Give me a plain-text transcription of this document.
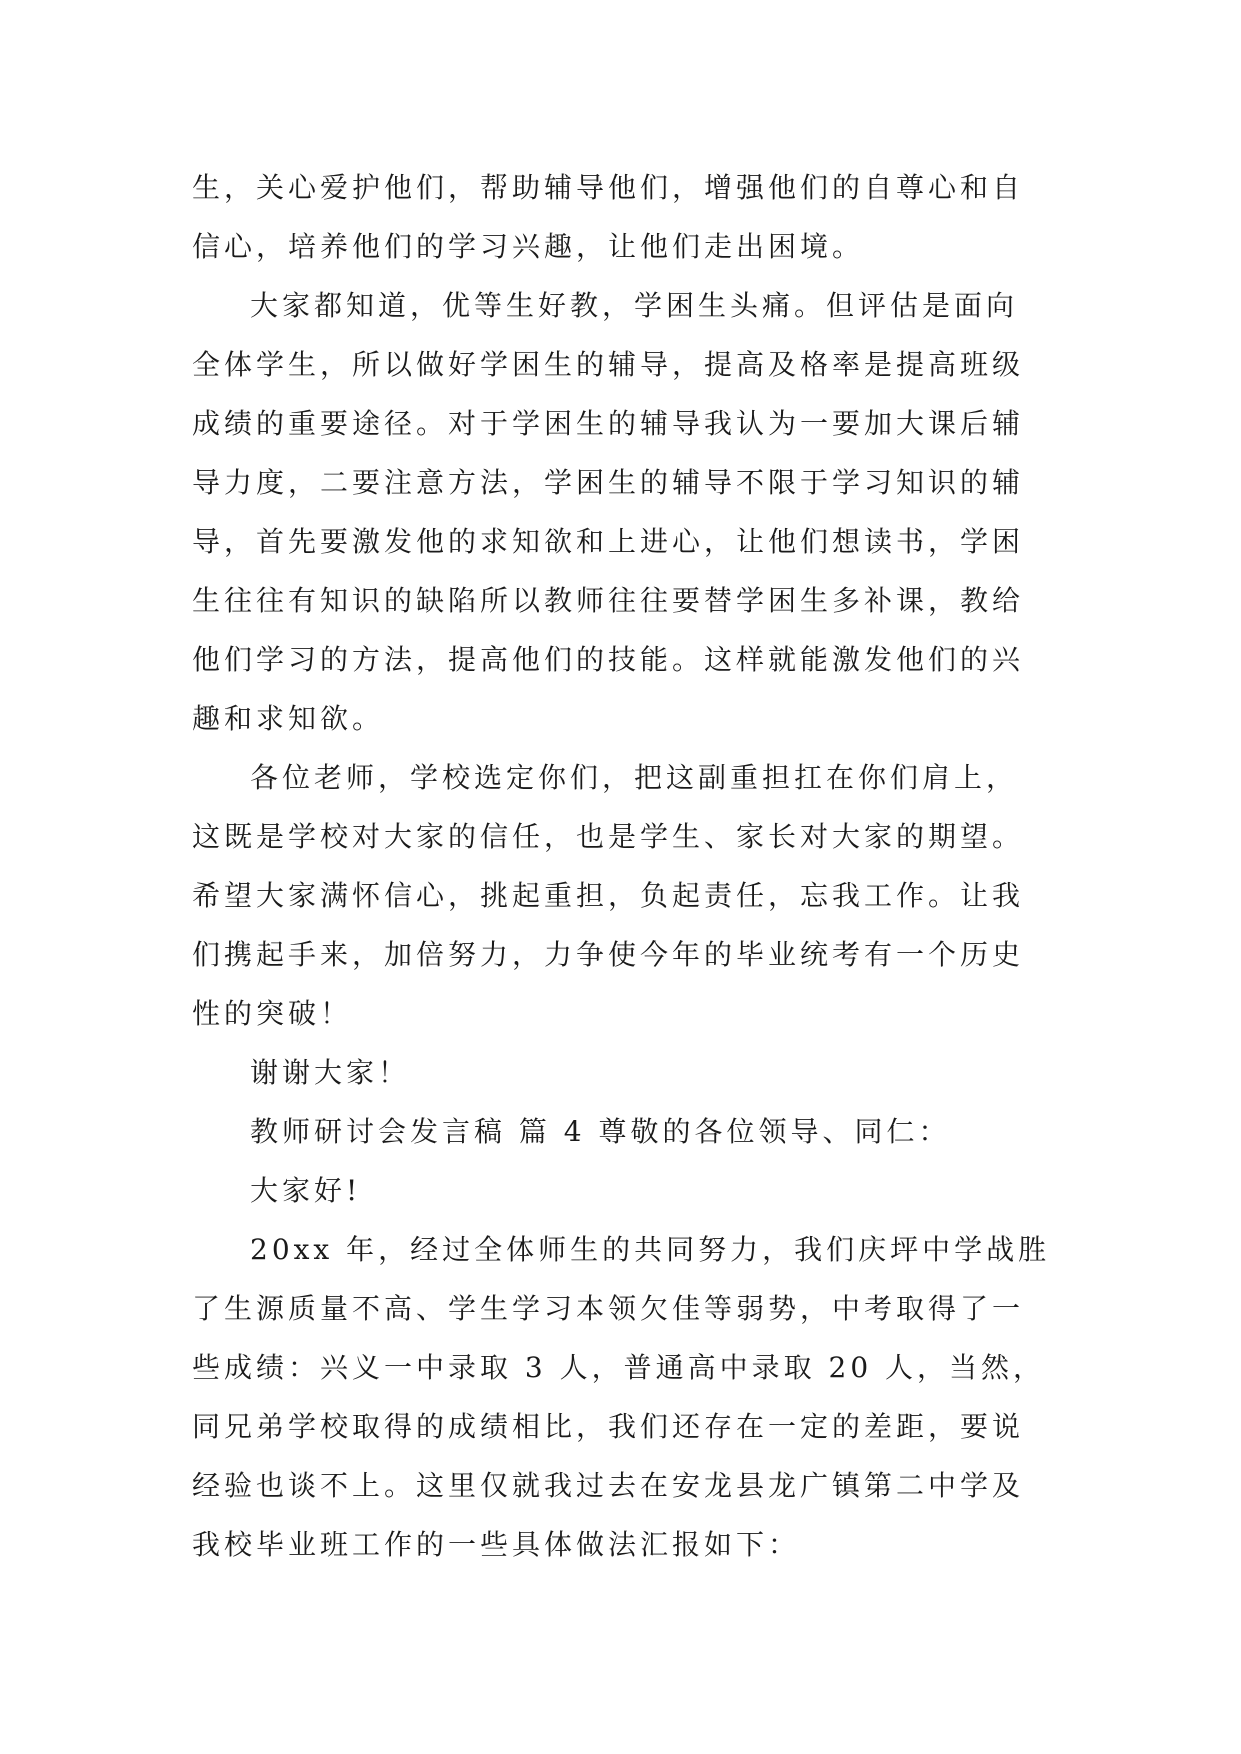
生，关心爱护他们，帮助辅导他们，增强他们的自尊心和自
信心，培养他们的学习兴趣，让他们走出困境。
大家都知道，优等生好教，学困生头痛。但评估是面向
全体学生，所以做好学困生的辅导，提高及格率是提高班级
成绩的重要途径。对于学困生的辅导我认为一要加大课后辅
导力度，二要注意方法，学困生的辅导不限于学习知识的辅
导，首先要激发他的求知欲和上进心，让他们想读书，学困
生往往有知识的缺陷所以教师往往要替学困生多补课，教给
他们学习的方法，提高他们的技能。这样就能激发他们的兴
趣和求知欲。
各位老师，学校选定你们，把这副重担扛在你们肩上，
这既是学校对大家的信任，也是学生、家长对大家的期望。
希望大家满怀信心，挑起重担，负起责任，忘我工作。让我
们携起手来，加倍努力，力争使今年的毕业统考有一个历史
性的突破！
谢谢大家！
教师研讨会发言稿 篇 4 尊敬的各位领导、同仁：
大家好!
20xx 年，经过全体师生的共同努力，我们庆坪中学战胜
了生源质量不高、学生学习本领欠佳等弱势，中考取得了一
些成绩：兴义一中录取 3 人，普通高中录取 20 人，当然，
同兄弟学校取得的成绩相比，我们还存在一定的差距，要说
经验也谈不上。这里仅就我过去在安龙县龙广镇第二中学及
我校毕业班工作的一些具体做法汇报如下：
